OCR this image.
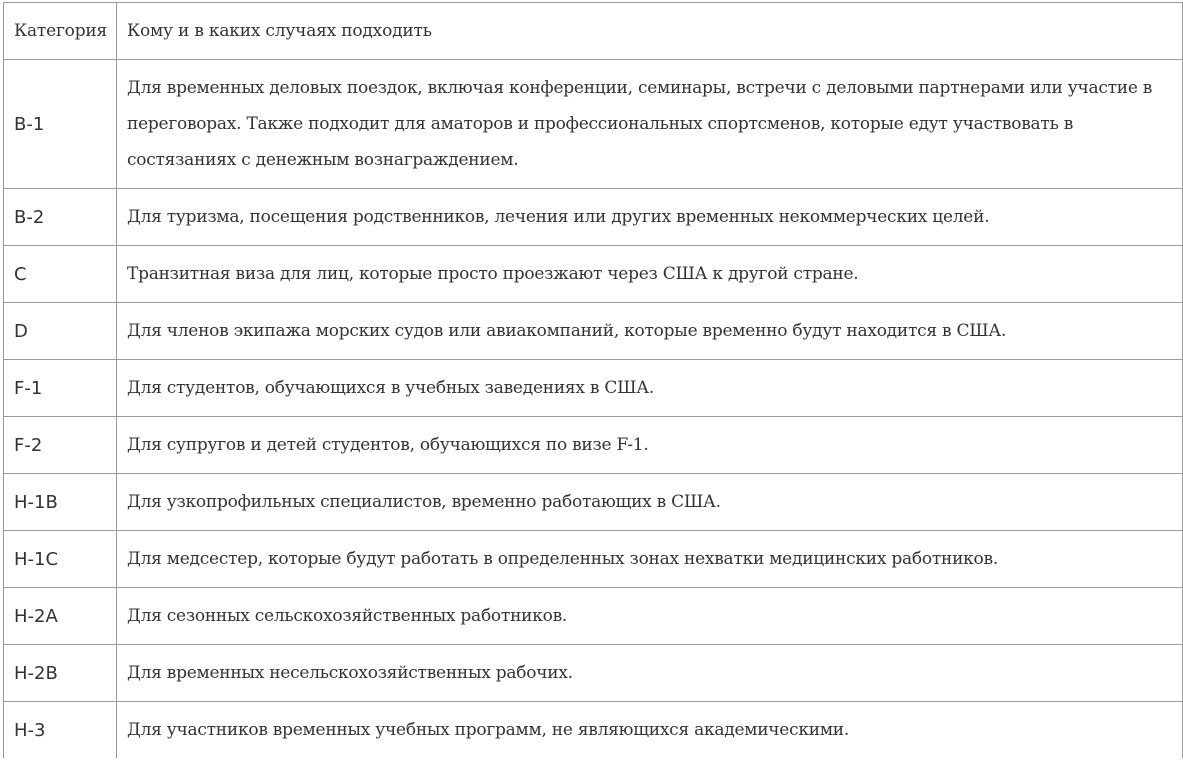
Категория	Кому и в каких случаях подходить
B-1	Для временных деловых поездок, включая конференции, семинары, встречи с деловыми партнерами или участие в переговорах. Также подходит для аматоров и профессиональных спортсменов, которые едут участвовать в состязаниях с денежным вознаграждением.
B-2	Для туризма, посещения родственников, лечения или других временных некоммерческих целей.
C	Транзитная виза для лиц, которые просто проезжают через США к другой стране.
D	Для членов экипажа морских судов или авиакомпаний, которые временно будут находится в США.
F-1	Для студентов, обучающихся в учебных заведениях в США.
F-2	Для супругов и детей студентов, обучающихся по визе F-1.
H-1B	Для узкопрофильных специалистов, временно работающих в США.
H-1C	Для медсестер, которые будут работать в определенных зонах нехватки медицинских работников.
H-2A	Для сезонных сельскохозяйственных работников.
H-2B	Для временных несельскохозяйственных рабочих.
H-3	Для участников временных учебных программ, не являющихся академическими.
